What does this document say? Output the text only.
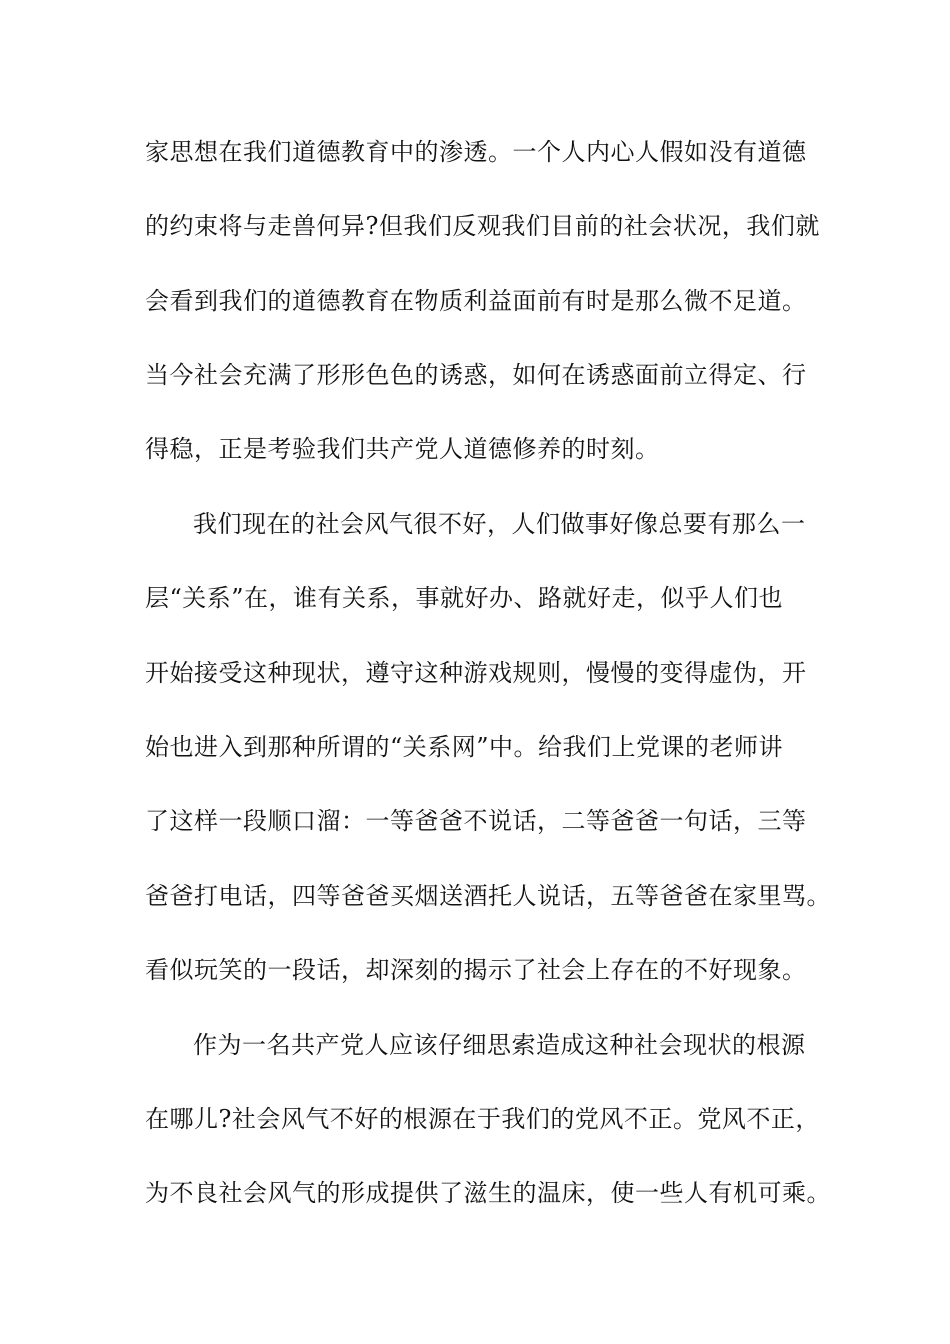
家思想在我们道德教育中的渗透。一个人内心人假如没有道德
的约束将与走兽何异?但我们反观我们目前的社会状况，我们就
会看到我们的道德教育在物质利益面前有时是那么微不足道。
当今社会充满了形形色色的诱惑，如何在诱惑面前立得定、行
得稳，正是考验我们共产党人道德修养的时刻。
我们现在的社会风气很不好，人们做事好像总要有那么一
层“关系”在，谁有关系，事就好办、路就好走，似乎人们也
开始接受这种现状，遵守这种游戏规则，慢慢的变得虚伪，开
始也进入到那种所谓的“关系网”中。给我们上党课的老师讲
了这样一段顺口溜：一等爸爸不说话，二等爸爸一句话，三等
爸爸打电话，四等爸爸买烟送酒托人说话，五等爸爸在家里骂。
看似玩笑的一段话，却深刻的揭示了社会上存在的不好现象。
作为一名共产党人应该仔细思索造成这种社会现状的根源
在哪儿?社会风气不好的根源在于我们的党风不正。党风不正，
为不良社会风气的形成提供了滋生的温床，使一些人有机可乘。
